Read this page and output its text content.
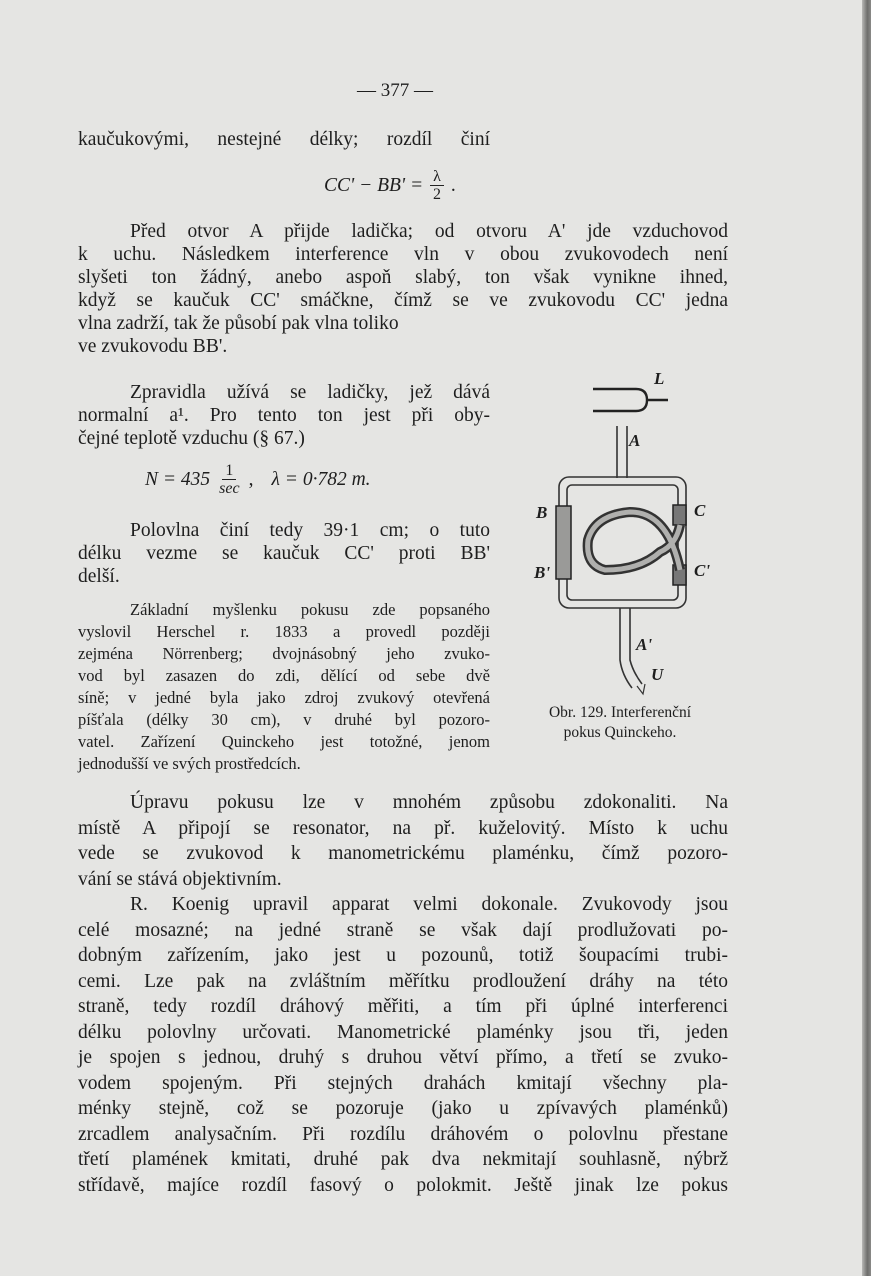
— 377 —
kaučukovými, nestejné délky; rozdíl činí
$CC' - BB' = \frac{\lambda}{2}$ .
Před otvor A přijde ladička; od otvoru A' jde vzduchovod
k uchu. Následkem interference vln v obou zvukovodech není
slyšeti ton žádný, anebo aspoň slabý, ton však vynikne ihned,
když se kaučuk CC' smáčkne, čímž se ve zvukovodu CC' jedna
vlna zadrží, tak že působí pak vlna toliko
ve zvukovodu BB'.
Zpravidla užívá se ladičky, jež dává
normalní a¹. Pro tento ton jest při oby-
čejné teplotě vzduchu (§ 67.)
$N = 435 \frac{1}{\sec}$ , λ = 0·782 m.
Polovlna činí tedy 39·1 cm; o tuto
délku vezme se kaučuk CC' proti BB'
delší.
Základní myšlenku pokusu zde popsaného
vyslovil Herschel r. 1833 a provedl později
zejména Nörrenberg; dvojnásobný jeho zvuko-
vod byl zasazen do zdi, dělící od sebe dvě
síně; v jedné byla jako zdroj zvukový otevřená
píšťala (délky 30 cm), v druhé byl pozoro-
vatel. Zařízení Quinckeho jest totožné, jenom
jednodušší ve svých prostředcích.
Úpravu pokusu lze v mnohém způsobu zdokonaliti. Na
místě A připojí se resonator, na př. kuželovitý. Místo k uchu
vede se zvukovod k manometrickému plaménku, čímž pozoro-
vání se stává objektivním.
R. Koenig upravil apparat velmi dokonale. Zvukovody jsou
celé mosazné; na jedné straně se však dají prodlužovati po-
dobným zařízením, jako jest u pozounů, totiž šoupacími trubi-
cemi. Lze pak na zvláštním měřítku prodloužení dráhy na této
straně, tedy rozdíl dráhový měřiti, a tím při úplné interferenci
délku polovlny určovati. Manometrické plaménky jsou tři, jeden
je spojen s jednou, druhý s druhou větví přímo, a třetí se zvuko-
vodem spojeným. Při stejných drahách kmitají všechny pla-
ménky stejně, což se pozoruje (jako u zpívavých plaménků)
zrcadlem analysačním. Při rozdílu dráhovém o polovlnu přestane
třetí plamének kmitati, druhé pak dva nekmitají souhlasně, nýbrž
střídavě, majíce rozdíl fasový o polokmit. Ještě jinak lze pokus
L
A
B
B'
C
C'
A'
U
Obr. 129. Interferenční
pokus Quinckeho.
